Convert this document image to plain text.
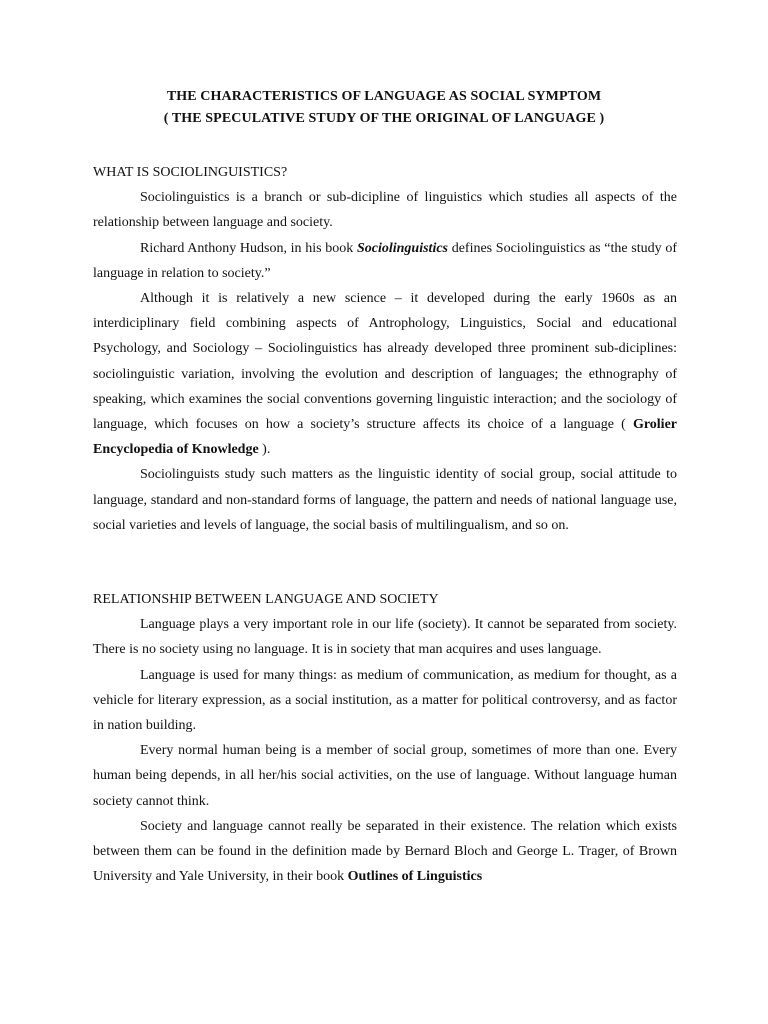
THE CHARACTERISTICS OF LANGUAGE AS SOCIAL SYMPTOM
( THE SPECULATIVE STUDY OF THE ORIGINAL OF LANGUAGE )

WHAT IS SOCIOLINGUISTICS?

Sociolinguistics is a branch or sub-dicipline of linguistics which studies all aspects of the relationship between language and society.

Richard Anthony Hudson, in his book Sociolinguistics defines Sociolinguistics as “the study of language in relation to society.”

Although it is relatively a new science – it developed during the early 1960s as an interdiciplinary field combining aspects of Antrophology, Linguistics, Social and educational Psychology, and Sociology – Sociolinguistics has already developed three prominent sub-diciplines: sociolinguistic variation, involving the evolution and description of languages; the ethnography of speaking, which examines the social conventions governing linguistic interaction; and the sociology of language, which focuses on how a society’s structure affects its choice of a language ( Grolier Encyclopedia of Knowledge ).

Sociolinguists study such matters as the linguistic identity of social group, social attitude to language, standard and non-standard forms of language, the pattern and needs of national language use, social varieties and levels of language, the social basis of multilingualism, and so on.

RELATIONSHIP BETWEEN LANGUAGE AND SOCIETY

Language plays a very important role in our life (society). It cannot be separated from society. There is no society using no language. It is in society that man acquires and uses language.

Language is used for many things: as medium of communication, as medium for thought, as a vehicle for literary expression, as a social institution, as a matter for political controversy, and as factor in nation building.

Every normal human being is a member of social group, sometimes of more than one. Every human being depends, in all her/his social activities, on the use of language. Without language human society cannot think.

Society and language cannot really be separated in their existence. The relation which exists between them can be found in the definition made by Bernard Bloch and George L. Trager, of Brown University and Yale University, in their book Outlines of Linguistics
